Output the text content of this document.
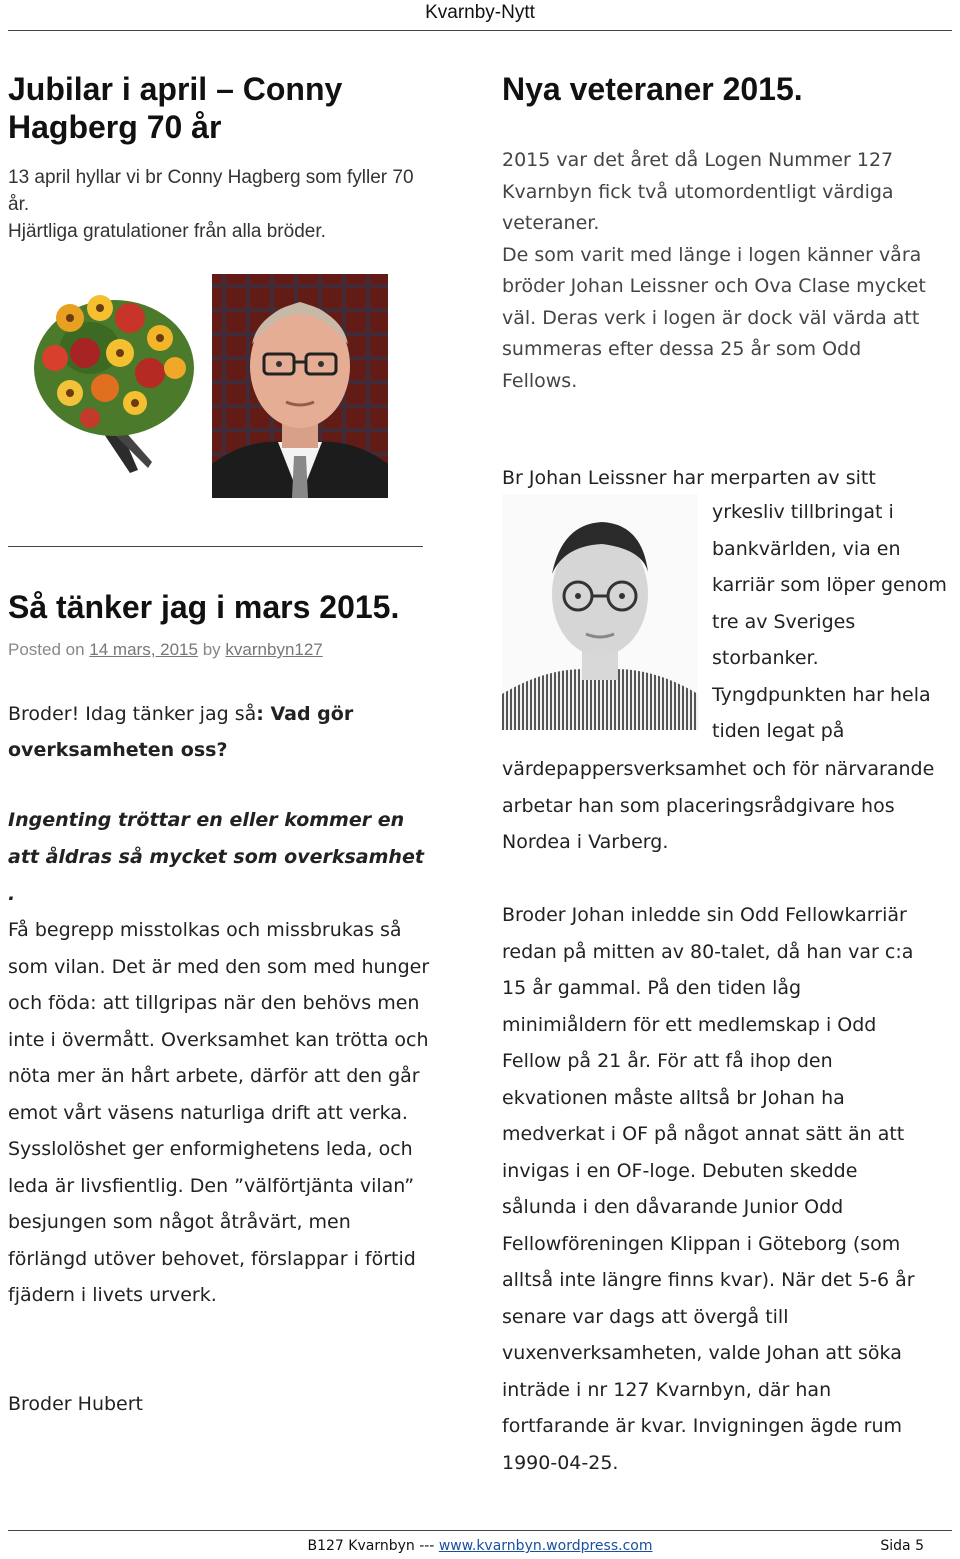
Kvarnby-Nytt
Jubilar i april – Conny Hagberg 70 år

13 april hyllar vi br Conny Hagberg som fyller 70 år.
Hjärtliga gratulationer från alla bröder.

Så tänker jag i mars 2015.
Posted on 14 mars, 2015 by kvarnbyn127

Broder! Idag tänker jag så: Vad gör overksamheten oss?

Ingenting tröttar en eller kommer en att åldras så mycket som overksamhet .

Få begrepp misstolkas och missbrukas så som vilan. Det är med den som med hunger och föda: att tillgripas när den behövs men inte i övermått. Overksamhet kan trötta och nöta mer än hårt arbete, därför att den går emot vårt väsens naturliga drift att verka. Sysslolöshet ger enformighetens leda, och leda är livsfientlig. Den ”välförtjänta vilan” besjungen som något åtråvärt, men förlängd utöver behovet, förslappar i förtid fjädern i livets urverk.

Broder Hubert

Nya veteraner 2015.

2015 var det året då Logen Nummer 127 Kvarnbyn fick två utomordentligt värdiga veteraner.
De som varit med länge i logen känner våra bröder Johan Leissner och Ova Clase mycket väl. Deras verk i logen är dock väl värda att summeras efter dessa 25 år som Odd Fellows.

Br Johan Leissner har merparten av sitt

yrkesliv tillbringat i bankvärlden, via en karriär som löper genom tre av Sveriges storbanker. Tyngdpunkten har hela tiden legat på

värdepappersverksamhet och för närvarande arbetar han som placeringsrådgivare hos Nordea i Varberg.

Broder Johan inledde sin Odd Fellowkarriär redan på mitten av 80-talet, då han var c:a 15 år gammal. På den tiden låg minimiåldern för ett medlemskap i Odd Fellow på 21 år. För att få ihop den ekvationen måste alltså br Johan ha medverkat i OF på något annat sätt än att invigas i en OF-loge. Debuten skedde sålunda i den dåvarande Junior Odd Fellowföreningen Klippan i Göteborg (som alltså inte längre finns kvar). När det 5-6 år senare var dags att övergå till vuxenverksamheten, valde Johan att söka inträde i nr 127 Kvarnbyn, där han fortfarande är kvar. Invigningen ägde rum 1990-04-25.

B127 Kvarnbyn --- www.kvarnbyn.wordpress.com	Sida 5
